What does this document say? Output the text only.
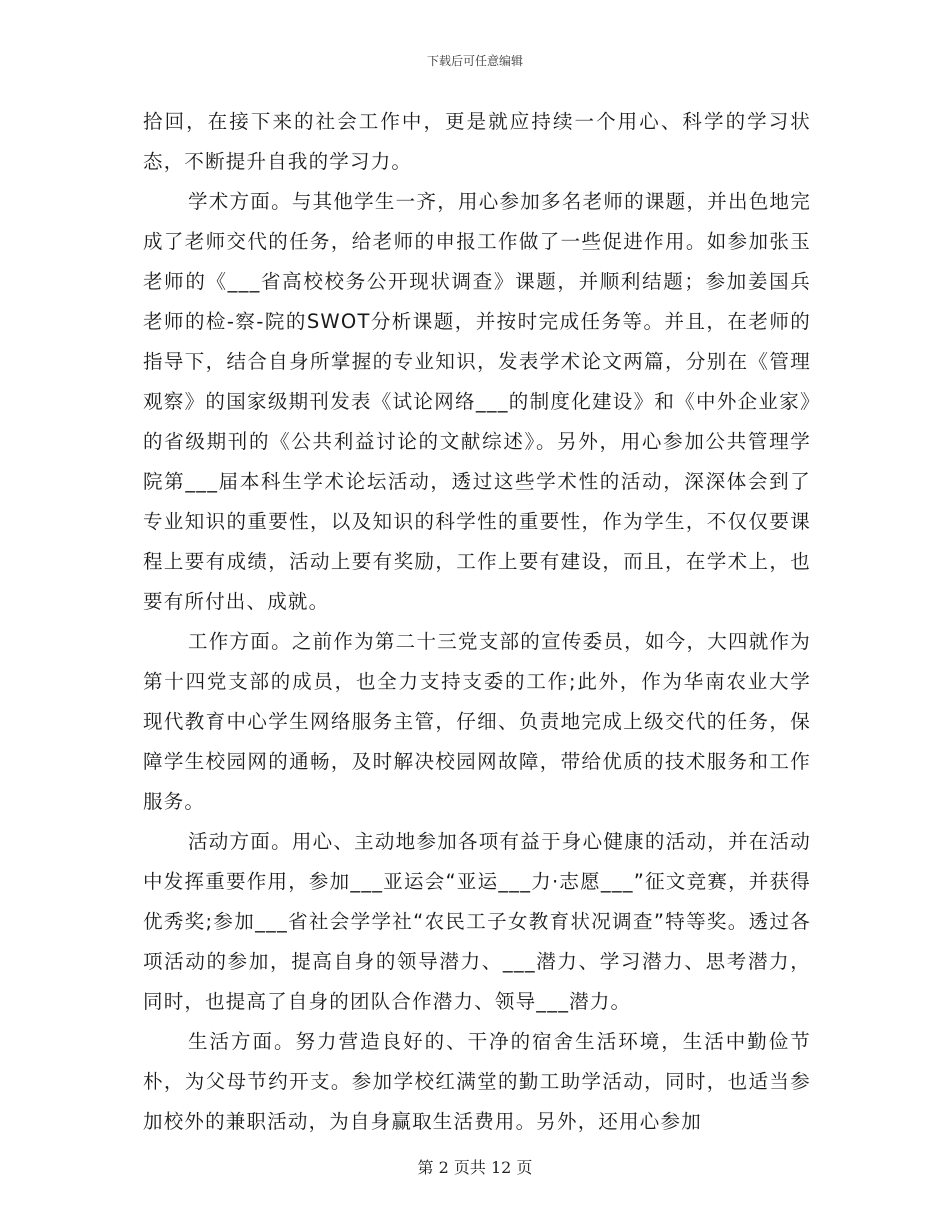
下载后可任意编辑

拾回，在接下来的社会工作中，更是就应持续一个用心、科学的学习状态，不断提升自我的学习力。

学术方面。与其他学生一齐，用心参加多名老师的课题，并出色地完成了老师交代的任务，给老师的申报工作做了一些促进作用。如参加张玉老师的《___省高校校务公开现状调查》课题，并顺利结题；参加姜国兵老师的检-察-院的SWOT分析课题，并按时完成任务等。并且，在老师的指导下，结合自身所掌握的专业知识，发表学术论文两篇，分别在《管理观察》的国家级期刊发表《试论网络___的制度化建设》和《中外企业家》的省级期刊的《公共利益讨论的文献综述》。另外，用心参加公共管理学院第___届本科生学术论坛活动，透过这些学术性的活动，深深体会到了专业知识的重要性，以及知识的科学性的重要性，作为学生，不仅仅要课程上要有成绩，活动上要有奖励，工作上要有建设，而且，在学术上，也要有所付出、成就。

工作方面。之前作为第二十三党支部的宣传委员，如今，大四就作为第十四党支部的成员，也全力支持支委的工作;此外，作为华南农业大学现代教育中心学生网络服务主管，仔细、负责地完成上级交代的任务，保障学生校园网的通畅，及时解决校园网故障，带给优质的技术服务和工作服务。

活动方面。用心、主动地参加各项有益于身心健康的活动，并在活动中发挥重要作用，参加___亚运会“亚运___力·志愿___”征文竞赛，并获得优秀奖;参加___省社会学学社“农民工子女教育状况调查”特等奖。透过各项活动的参加，提高自身的领导潜力、___潜力、学习潜力、思考潜力，同时，也提高了自身的团队合作潜力、领导___潜力。

生活方面。努力营造良好的、干净的宿舍生活环境，生活中勤俭节朴，为父母节约开支。参加学校红满堂的勤工助学活动，同时，也适当参加校外的兼职活动，为自身赢取生活费用。另外，还用心参加

第 2 页共 12 页
